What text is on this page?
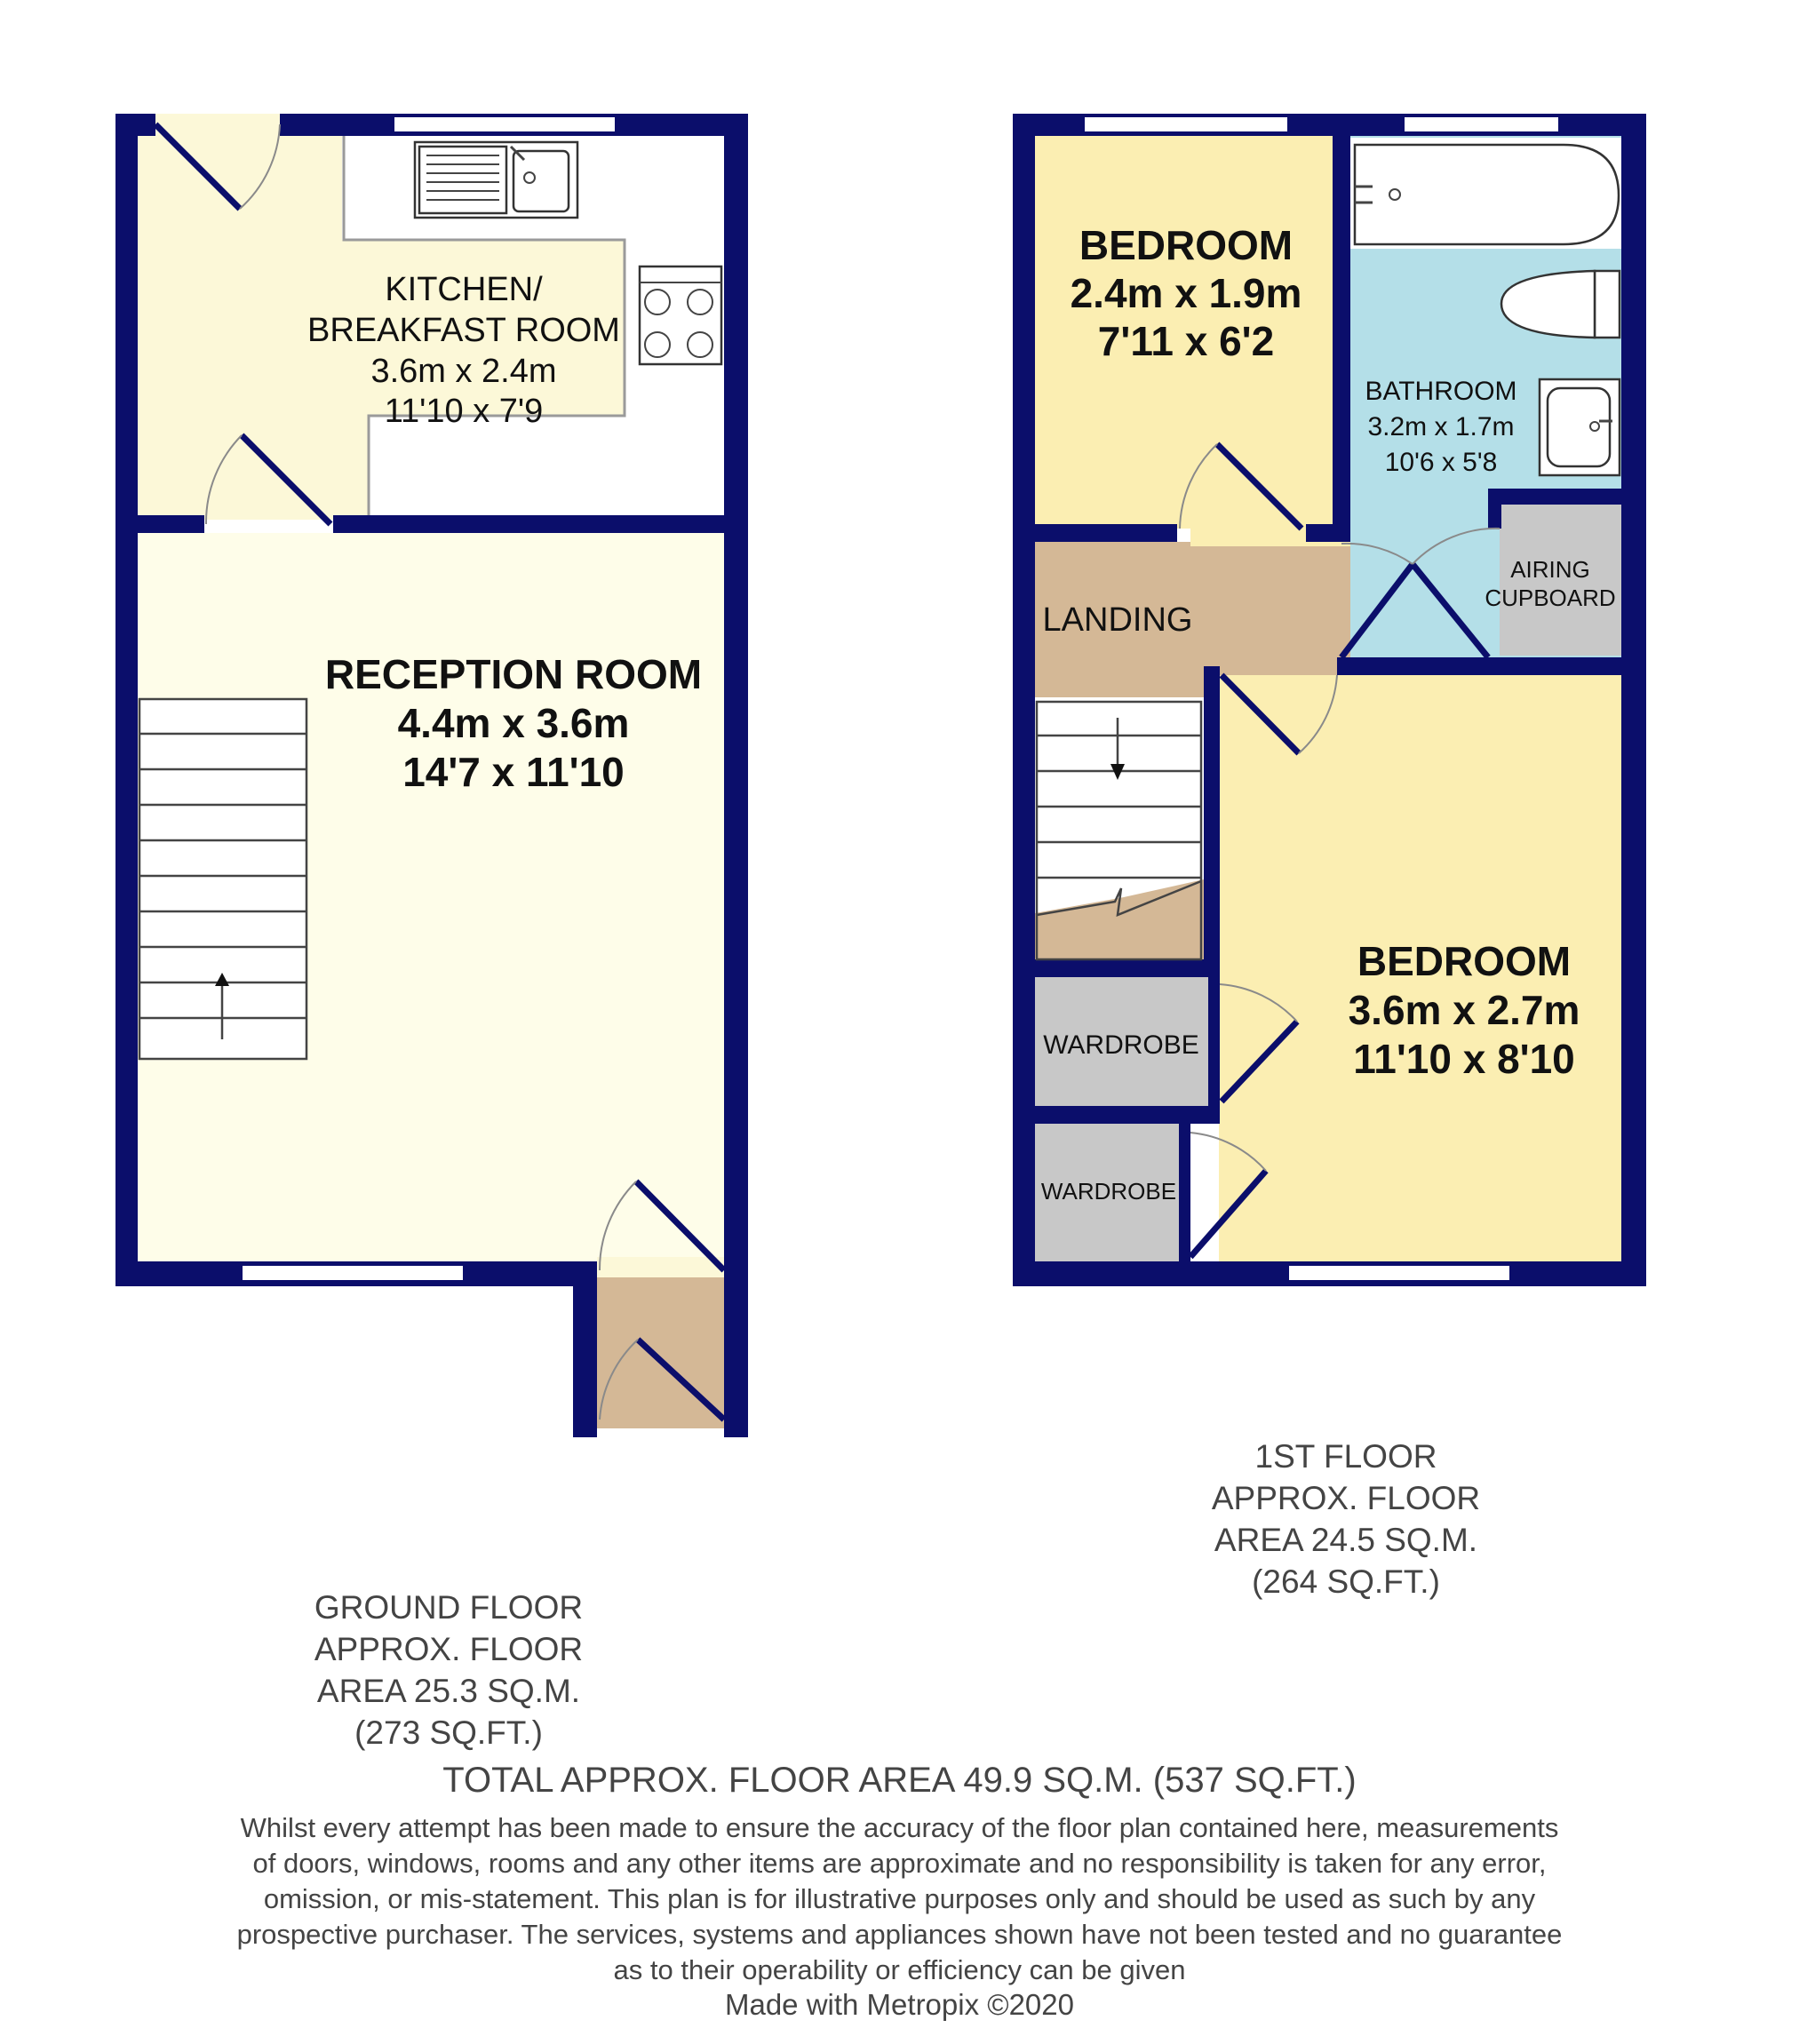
KITCHEN/
BREAKFAST ROOM
3.6m x 2.4m
11'10 x 7'9
RECEPTION ROOM
4.4m x 3.6m
14'7 x 11'10
BEDROOM
2.4m x 1.9m
7'11 x 6'2
BATHROOM
3.2m x 1.7m
10'6 x 5'8
AIRING
CUPBOARD
LANDING
BEDROOM
3.6m x 2.7m
11'10 x 8'10
WARDROBE
WARDROBE
1ST FLOOR
APPROX. FLOOR
AREA 24.5 SQ.M.
(264 SQ.FT.)
GROUND FLOOR
APPROX. FLOOR
AREA 25.3 SQ.M.
(273 SQ.FT.)
TOTAL APPROX. FLOOR AREA 49.9 SQ.M. (537 SQ.FT.)
Whilst every attempt has been made to ensure the accuracy of the floor plan contained here, measurements
of doors, windows, rooms and any other items are approximate and no responsibility is taken for any error,
omission, or mis-statement. This plan is for illustrative purposes only and should be used as such by any
prospective purchaser. The services, systems and appliances shown have not been tested and no guarantee
as to their operability or efficiency can be given
Made with Metropix ©2020
